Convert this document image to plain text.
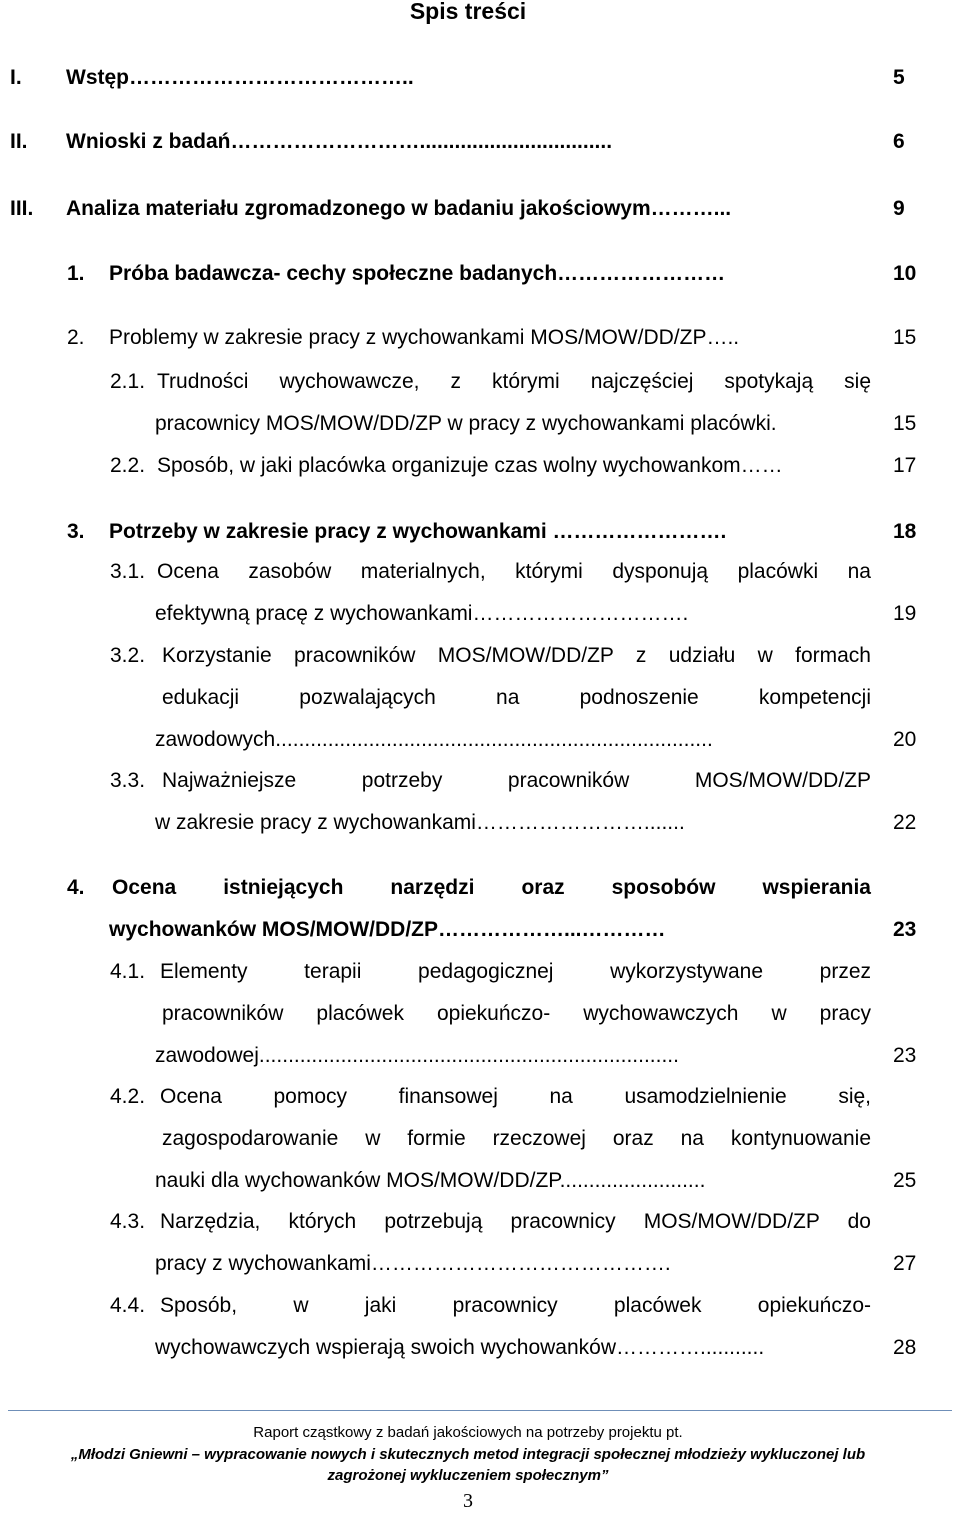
Spis treści
I. Wstęp…………………………………..	5
II. Wnioski z badań……………………….................................	6
III. Analiza materiału zgromadzonego w badaniu jakościowym………...	9
1. Próba badawcza- cechy społeczne badanych……………………	10
2. Problemy w zakresie pracy z wychowankami MOS/MOW/DD/ZP…..	15
2.1. Trudności wychowawcze, z którymi najczęściej spotykają się
pracownicy MOS/MOW/DD/ZP w pracy z wychowankami placówki.	15
2.2. Sposób, w jaki placówka organizuje czas wolny wychowankom……	17
3. Potrzeby w zakresie pracy z wychowankami …………………….	18
3.1. Ocena zasobów materialnych, którymi dysponują placówki na
efektywną pracę z wychowankami………………………….	19
3.2. Korzystanie pracowników MOS/MOW/DD/ZP z udziału w formach
edukacji pozwalających na podnoszenie kompetencji
zawodowych...........................................................................	20
3.3. Najważniejsze potrzeby pracowników MOS/MOW/DD/ZP
w zakresie pracy z wychowankami…………………….......	22
4. Ocena istniejących narzędzi oraz sposobów wspierania
wychowanków MOS/MOW/DD/ZP………………...…………	23
4.1. Elementy terapii pedagogicznej wykorzystywane przez
pracowników placówek opiekuńczo- wychowawczych w pracy
zawodowej........................................................................	23
4.2. Ocena pomocy finansowej na usamodzielnienie się,
zagospodarowanie w formie rzeczowej oraz na kontynuowanie
nauki dla wychowanków MOS/MOW/DD/ZP.........................	25
4.3. Narzędzia, których potrzebują pracownicy MOS/MOW/DD/ZP do
pracy z wychowankami…………………………………….	27
4.4. Sposób, w jaki pracownicy placówek opiekuńczo-
wychowawczych wspierają swoich wychowanków…………...........	28
Raport cząstkowy z badań jakościowych na potrzeby projektu pt.
„Młodzi Gniewni – wypracowanie nowych i skutecznych metod integracji społecznej młodzieży wykluczonej lub
zagrożonej wykluczeniem społecznym”
3
